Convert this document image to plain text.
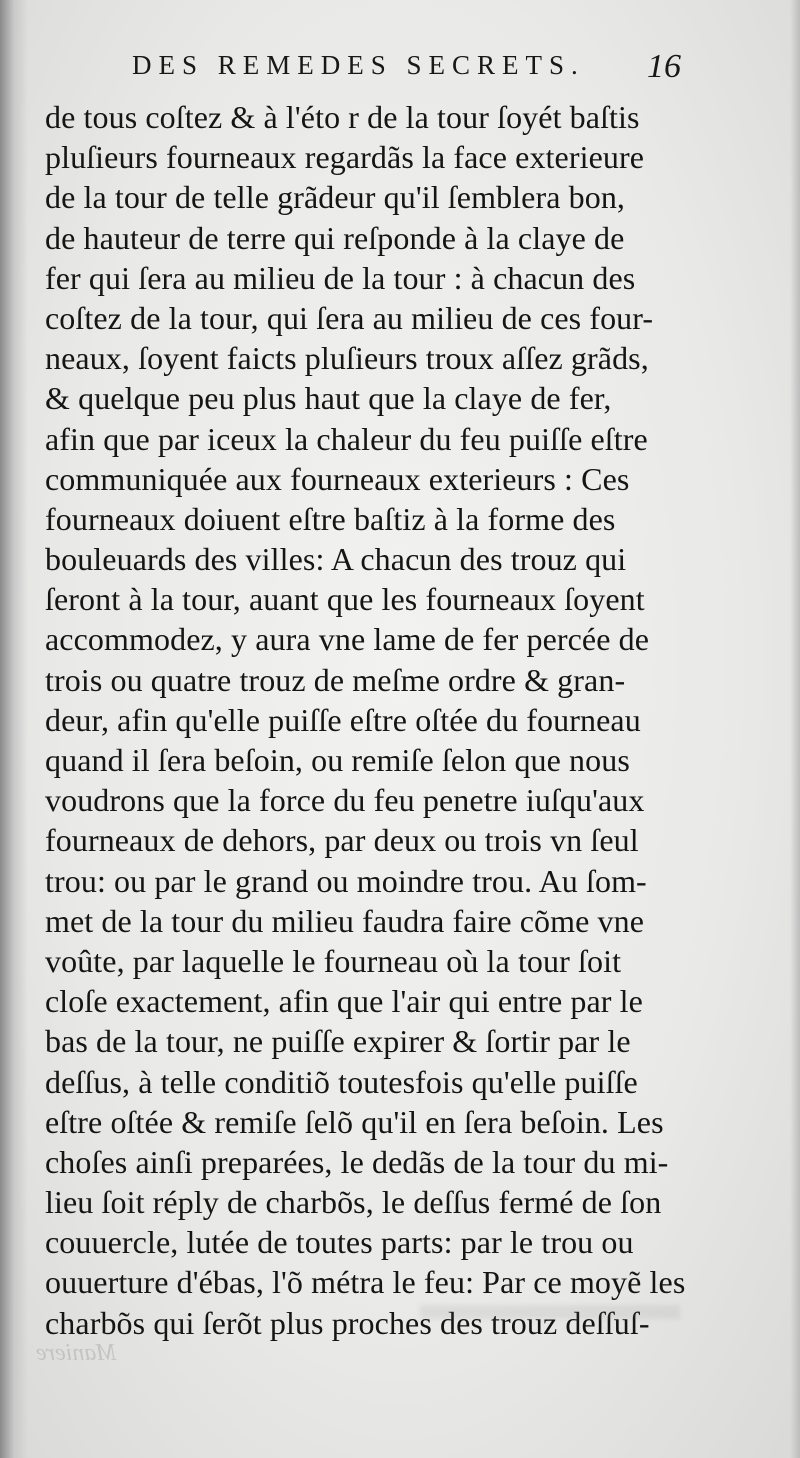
DES REMEDES SECRETS. 16
de tous coſtez & à l'éto r de la tour ſoyét baſtis
pluſieurs fourneaux regardãs la face exterieure
de la tour de telle grãdeur qu'il ſemblera bon,
de hauteur de terre qui reſponde à la claye de
fer qui ſera au milieu de la tour : à chacun des
coſtez de la tour, qui ſera au milieu de ces four-
neaux, ſoyent faicts pluſieurs troux aſſez grãds,
& quelque peu plus haut que la claye de fer,
afin que par iceux la chaleur du feu puiſſe eſtre
communiquée aux fourneaux exterieurs : Ces
fourneaux doiuent eſtre baſtiz à la forme des
bouleuards des villes: A chacun des trouz qui
ſeront à la tour, auant que les fourneaux ſoyent
accommodez, y aura vne lame de fer percée de
trois ou quatre trouz de meſme ordre & gran-
deur, afin qu'elle puiſſe eſtre oſtée du fourneau
quand il ſera beſoin, ou remiſe ſelon que nous
voudrons que la force du feu penetre iuſqu'aux
fourneaux de dehors, par deux ou trois vn ſeul
trou: ou par le grand ou moindre trou. Au ſom-
met de la tour du milieu faudra faire cõme vne
voûte, par laquelle le fourneau où la tour ſoit
cloſe exactement, afin que l'air qui entre par le
bas de la tour, ne puiſſe expirer & ſortir par le
deſſus, à telle conditiõ toutesfois qu'elle puiſſe
eſtre oſtée & remiſe ſelõ qu'il en ſera beſoin. Les
choſes ainſi preparées, le dedãs de la tour du mi-
lieu ſoit réply de charbõs, le deſſus fermé de ſon
couuercle, lutée de toutes parts: par le trou ou
ouuerture d'ébas, l'õ métra le feu: Par ce moyẽ les
charbõs qui ſerõt plus proches des trouz deſſuſ-
Maniere
